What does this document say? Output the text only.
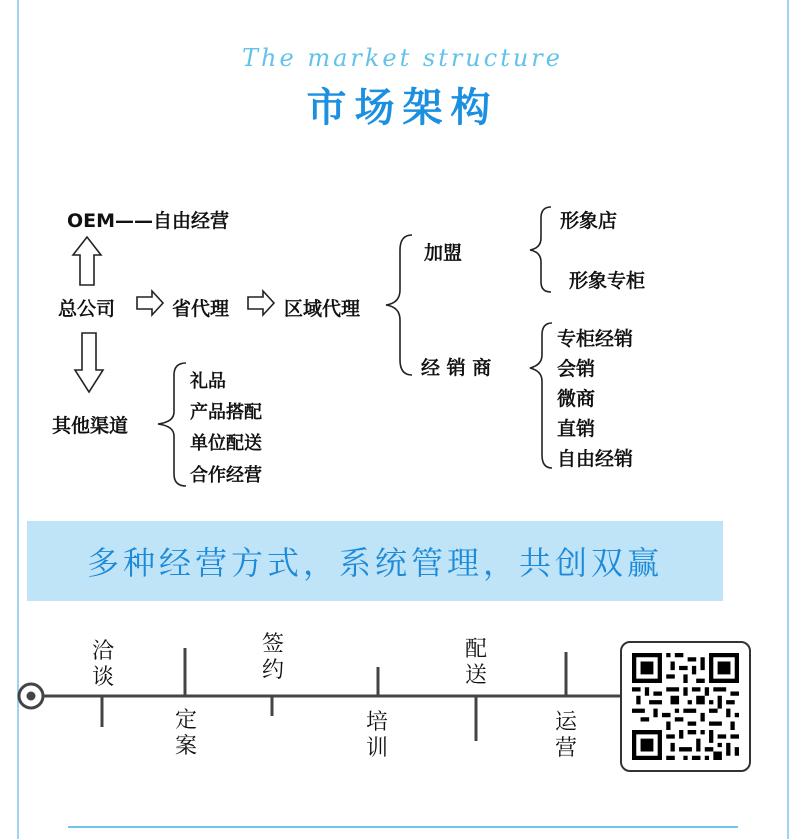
The market structure
市场架构
OEM——自由经营
总公司	省代理	区域代理
其他渠道
礼品
产品搭配
单位配送
合作经营
加盟
经 销 商
形象店
形象专柜
专柜经销
会销
微商
直销
自由经销
多种经营方式，系统管理，共创双赢
洽
谈
定
案
签
约
培
训
配
送
运
营
